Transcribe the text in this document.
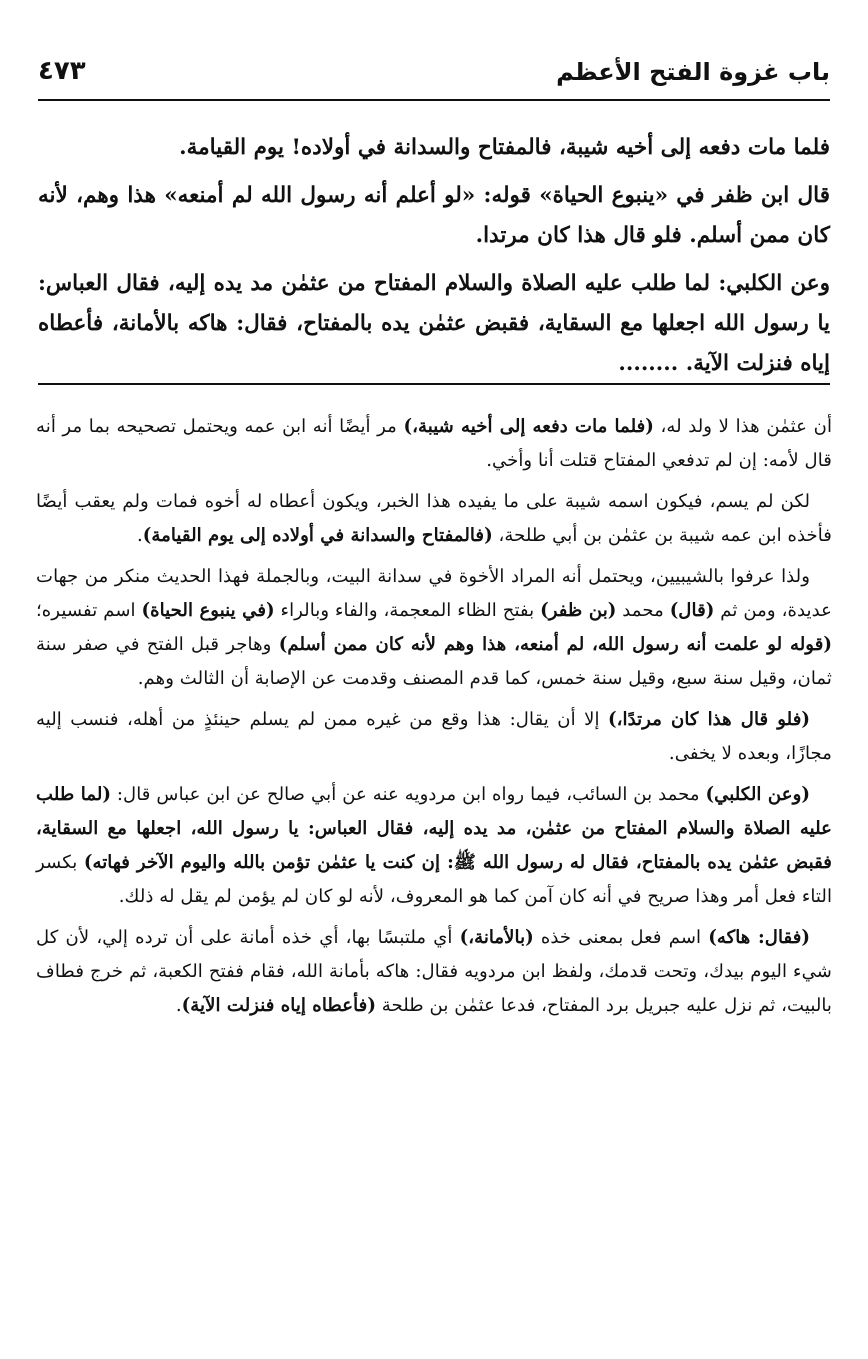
باب غزوة الفتح الأعظم
٤٧٣

فلما مات دفعه إلى أخيه شيبة، فالمفتاح والسدانة في أولاده! يوم القيامة.

قال ابن ظفر في «ينبوع الحياة» قوله: «لو أعلم أنه رسول الله لم أمنعه» هذا وهم، لأنه كان ممن أسلم. فلو قال هذا كان مرتدا.

وعن الكلبي: لما طلب عليه الصلاة والسلام المفتاح من عثمٰن مد يده إليه، فقال العباس: يا رسول الله اجعلها مع السقاية، فقبض عثمٰن يده بالمفتاح، فقال: هاكه بالأمانة، فأعطاه إياه فنزلت الآية. ........

أن عثمٰن هذا لا ولد له، (فلما مات دفعه إلى أخيه شيبة،) مر أيضًا أنه ابن عمه ويحتمل تصحيحه بما مر أنه قال لأمه: إن لم تدفعي المفتاح قتلت أنا وأخي.

لكن لم يسم، فيكون اسمه شيبة على ما يفيده هذا الخبر، ويكون أعطاه له أخوه فمات ولم يعقب أيضًا فأخذه ابن عمه شيبة بن عثمٰن بن أبي طلحة، (فالمفتاح والسدانة في أولاده إلى يوم القيامة).

ولذا عرفوا بالشيبيين، ويحتمل أنه المراد الأخوة في سدانة البيت، وبالجملة فهذا الحديث منكر من جهات عديدة، ومن ثم (قال) محمد (بن ظفر) بفتح الظاء المعجمة، والفاء وبالراء (في ينبوع الحياة) اسم تفسيره؛ (قوله لو علمت أنه رسول الله، لم أمنعه، هذا وهم لأنه كان ممن أسلم) وهاجر قبل الفتح في صفر سنة ثمان، وقيل سنة سبع، وقيل سنة خمس، كما قدم المصنف وقدمت عن الإصابة أن الثالث وهم.

(فلو قال هذا كان مرتدًا،) إلا أن يقال: هذا وقع من غيره ممن لم يسلم حينئذٍ من أهله، فنسب إليه مجازًا، وبعده لا يخفى.

(وعن الكلبي) محمد بن السائب، فيما رواه ابن مردويه عنه عن أبي صالح عن ابن عباس قال: (لما طلب عليه الصلاة والسلام المفتاح من عثمٰن، مد يده إليه، فقال العباس: يا رسول الله، اجعلها مع السقاية، فقبض عثمٰن يده بالمفتاح، فقال له رسول الله ﷺ: إن كنت يا عثمٰن تؤمن بالله واليوم الآخر فهاته) بكسر التاء فعل أمر وهذا صريح في أنه كان آمن كما هو المعروف، لأنه لو كان لم يؤمن لم يقل له ذلك.

(فقال: هاكه) اسم فعل بمعنى خذه (بالأمانة،) أي ملتبسًا بها، أي خذه أمانة على أن ترده إلي، لأن كل شيء اليوم بيدك، وتحت قدمك، ولفظ ابن مردويه فقال: هاكه بأمانة الله، فقام ففتح الكعبة، ثم خرج فطاف بالبيت، ثم نزل عليه جبريل برد المفتاح، فدعا عثمٰن بن طلحة (فأعطاه إياه فنزلت الآية).
